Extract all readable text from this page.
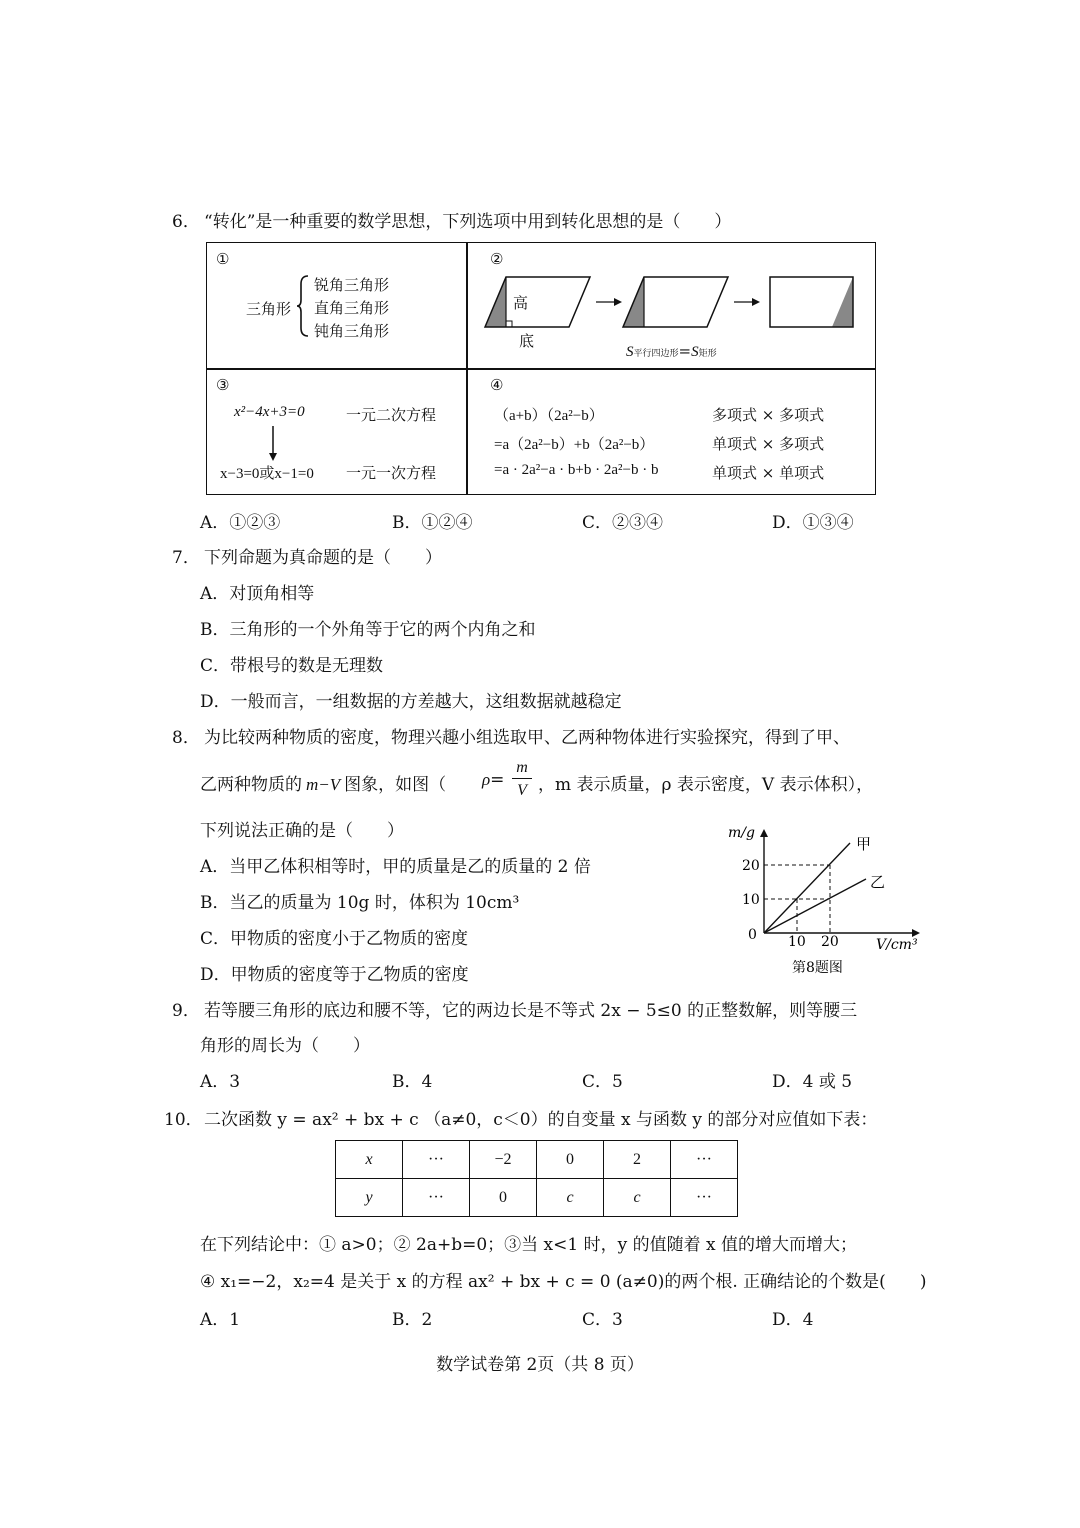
6． “转化”是一种重要的数学思想，下列选项中用到转化思想的是（　　）
①
三角形
锐角三角形
直角三角形
钝角三角形
②
高
底
S平行四边形=S矩形
③
x²−4x+3=0	一元二次方程
x−3=0或x−1=0 一元一次方程
④
（a+b）（2a²−b）
=a（2a²−b）+b（2a²−b）
=a · 2a²−a · b+b · 2a²−b · b
多项式 × 多项式
单项式 × 多项式
单项式 × 单项式
A．①②③	B．①②④	C．②③④	D．①③④
7． 下列命题为真命题的是（　　）
A．对顶角相等
B．三角形的一个外角等于它的两个内角之和
C．带根号的数是无理数
D．一般而言，一组数据的方差越大，这组数据就越稳定
8． 为比较两种物质的密度，物理兴趣小组选取甲、乙两种物体进行实验探究，得到了甲、
乙两种物质的 m−V 图象，如图（ ρ=
m
V ，m 表示质量，ρ 表示密度，V 表示体积），
下列说法正确的是（　　）
A．当甲乙体积相等时，甲的质量是乙的质量的 2 倍
B．当乙的质量为 10g 时，体积为 10cm³
C．甲物质的密度小于乙物质的密度
D．甲物质的密度等于乙物质的密度
m/g
甲
乙
20
10
0 10 20	V/cm³
第8题图
9． 若等腰三角形的底边和腰不等，它的两边长是不等式 2x − 5≤0 的正整数解，则等腰三
角形的周长为（　　）
A．3	B．4	C．5	D．4 或 5
10． 二次函数 y = ax² + bx + c （a≠0，c＜0）的自变量 x 与函数 y 的部分对应值如下表：
x	···	−2	0	2	···
y	···	0	c	c	···
在下列结论中：① a>0；② 2a+b=0；③当 x<1 时，y 的值随着 x 值的增大而增大；
④ x₁=−2，x₂=4 是关于 x 的方程 ax² + bx + c = 0 (a≠0)的两个根. 正确结论的个数是(　　)
A．1	B．2	C．3	D．4
数学试卷第 2页（共 8 页）
